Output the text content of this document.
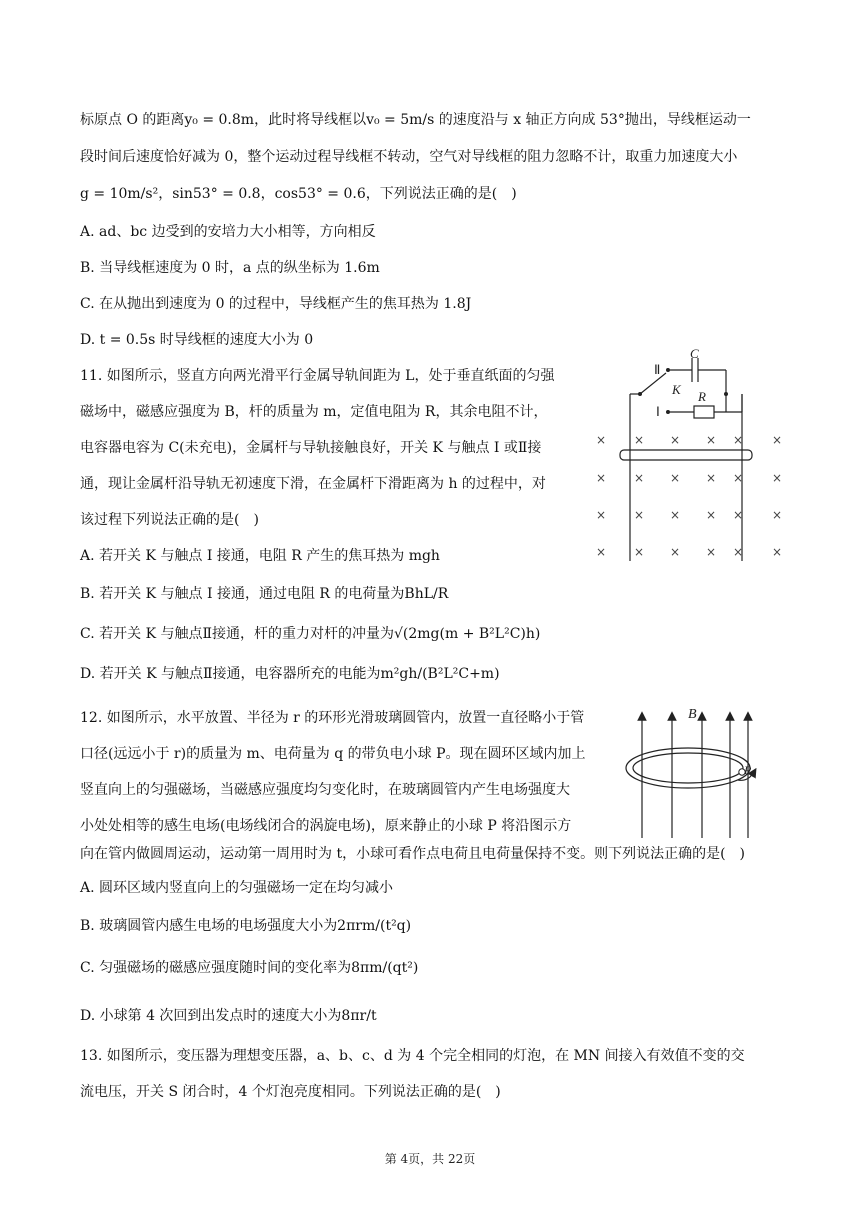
标原点 O 的距离y₀ = 0.8m，此时将导线框以v₀ = 5m/s 的速度沿与 x 轴正方向成 53°抛出，导线框运动一
段时间后速度恰好减为 0，整个运动过程导线框不转动，空气对导线框的阻力忽略不计，取重力加速度大小
g = 10m/s²，sin53° = 0.8，cos53° = 0.6，下列说法正确的是(　)
A. ad、bc 边受到的安培力大小相等，方向相反
B. 当导线框速度为 0 时，a 点的纵坐标为 1.6m
C. 在从抛出到速度为 0 的过程中，导线框产生的焦耳热为 1.8J
D. t = 0.5s 时导线框的速度大小为 0
11. 如图所示，竖直方向两光滑平行金属导轨间距为 L，处于垂直纸面的匀强
磁场中，磁感应强度为 B，杆的质量为 m，定值电阻为 R，其余电阻不计，
电容器电容为 C(未充电)，金属杆与导轨接触良好，开关 K 与触点 Ⅰ 或Ⅱ接
通，现让金属杆沿导轨无初速度下滑，在金属杆下滑距离为 h 的过程中，对
该过程下列说法正确的是(　)
A. 若开关 K 与触点 Ⅰ 接通，电阻 R 产生的焦耳热为 mgh
B. 若开关 K 与触点 Ⅰ 接通，通过电阻 R 的电荷量为BhL/R
C. 若开关 K 与触点Ⅱ接通，杆的重力对杆的冲量为√(2mg(m + B²L²C)h)
D. 若开关 K 与触点Ⅱ接通，电容器所充的电能为m²gh/(B²L²C+m)
Ⅱ
C
K R
Ⅰ
× × × × × ×
× × × × × ×
× × × × × ×
× × × × × ×
12. 如图所示，水平放置、半径为 r 的环形光滑玻璃圆管内，放置一直径略小于管
口径(远远小于 r)的质量为 m、电荷量为 q 的带负电小球 P。现在圆环区域内加上
竖直向上的匀强磁场，当磁感应强度均匀变化时，在玻璃圆管内产生电场强度大
小处处相等的感生电场(电场线闭合的涡旋电场)，原来静止的小球 P 将沿图示方
向在管内做圆周运动，运动第一周用时为 t，小球可看作点电荷且电荷量保持不变。则下列说法正确的是(　)
A. 圆环区域内竖直向上的匀强磁场一定在均匀减小
B. 玻璃圆管内感生电场的电场强度大小为2πrm/(t²q)
C. 匀强磁场的磁感应强度随时间的变化率为8πm/(qt²)
D. 小球第 4 次回到出发点时的速度大小为8πr/t
B
P
13. 如图所示，变压器为理想变压器，a、b、c、d 为 4 个完全相同的灯泡，在 MN 间接入有效值不变的交
流电压，开关 S 闭合时，4 个灯泡亮度相同。下列说法正确的是(　)
第 4页，共 22页
